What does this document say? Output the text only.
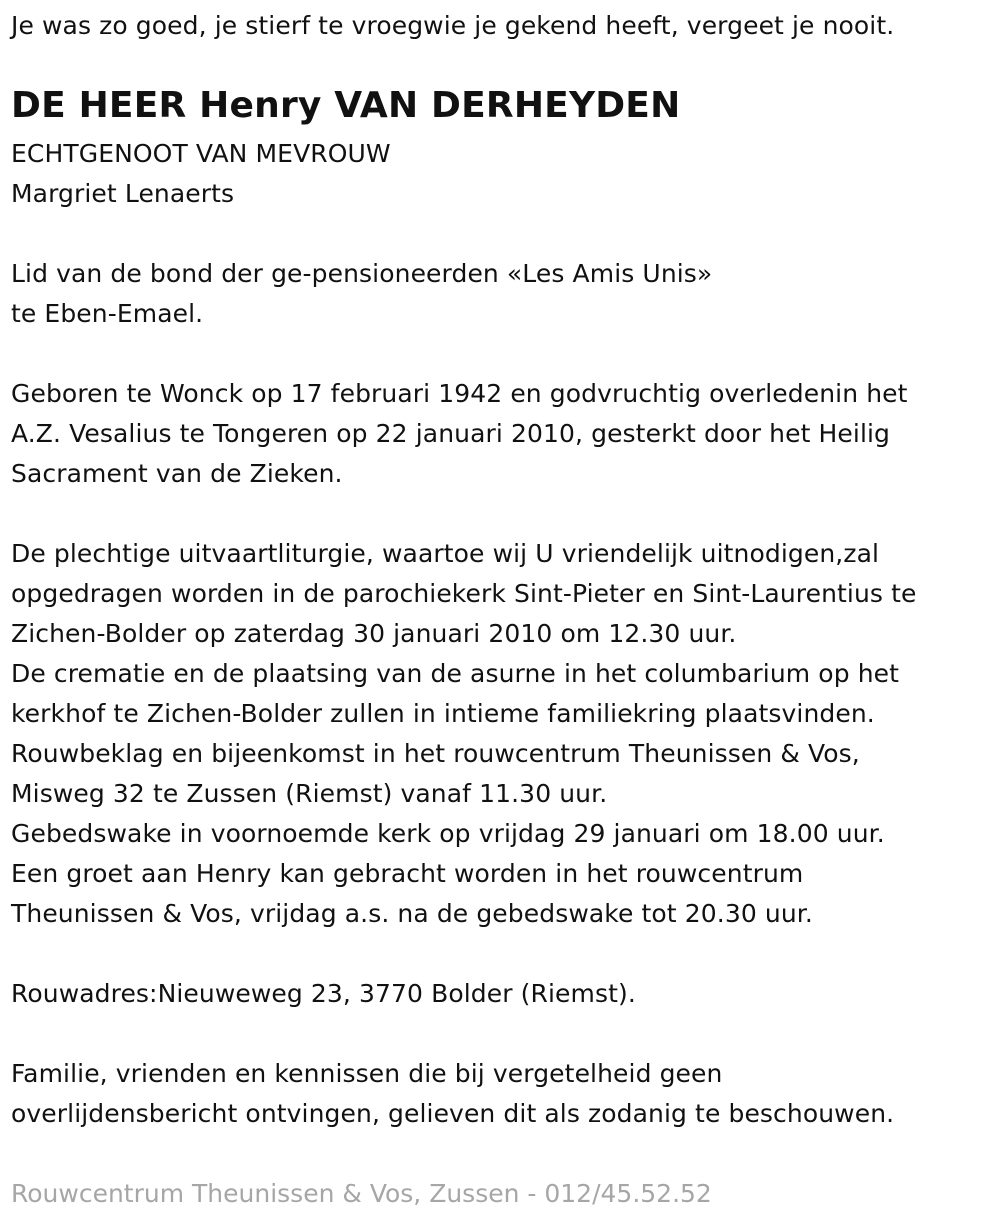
Je was zo goed, je stierf te vroegwie je gekend heeft, vergeet je nooit.
DE HEER Henry VAN DERHEYDEN
ECHTGENOOT VAN MEVROUW
Margriet Lenaerts
Lid van de bond der ge-pensioneerden «Les Amis Unis»
te Eben-Emael.
Geboren te Wonck op 17 februari 1942 en godvruchtig overledenin het
A.Z. Vesalius te Tongeren op 22 januari 2010, gesterkt door het Heilig
Sacrament van de Zieken.
De plechtige uitvaartliturgie, waartoe wij U vriendelijk uitnodigen,zal
opgedragen worden in de parochiekerk Sint-Pieter en Sint-Laurentius te
Zichen-Bolder op zaterdag 30 januari 2010 om 12.30 uur.
De crematie en de plaatsing van de asurne in het columbarium op het
kerkhof te Zichen-Bolder zullen in intieme familiekring plaatsvinden.
Rouwbeklag en bijeenkomst in het rouwcentrum Theunissen & Vos,
Misweg 32 te Zussen (Riemst) vanaf 11.30 uur.
Gebedswake in voornoemde kerk op vrijdag 29 januari om 18.00 uur.
Een groet aan Henry kan gebracht worden in het rouwcentrum
Theunissen & Vos, vrijdag a.s. na de gebedswake tot 20.30 uur.
Rouwadres:Nieuweweg 23, 3770 Bolder (Riemst).
Familie, vrienden en kennissen die bij vergetelheid geen
overlijdensbericht ontvingen, gelieven dit als zodanig te beschouwen.
Rouwcentrum Theunissen & Vos, Zussen - 012/45.52.52
